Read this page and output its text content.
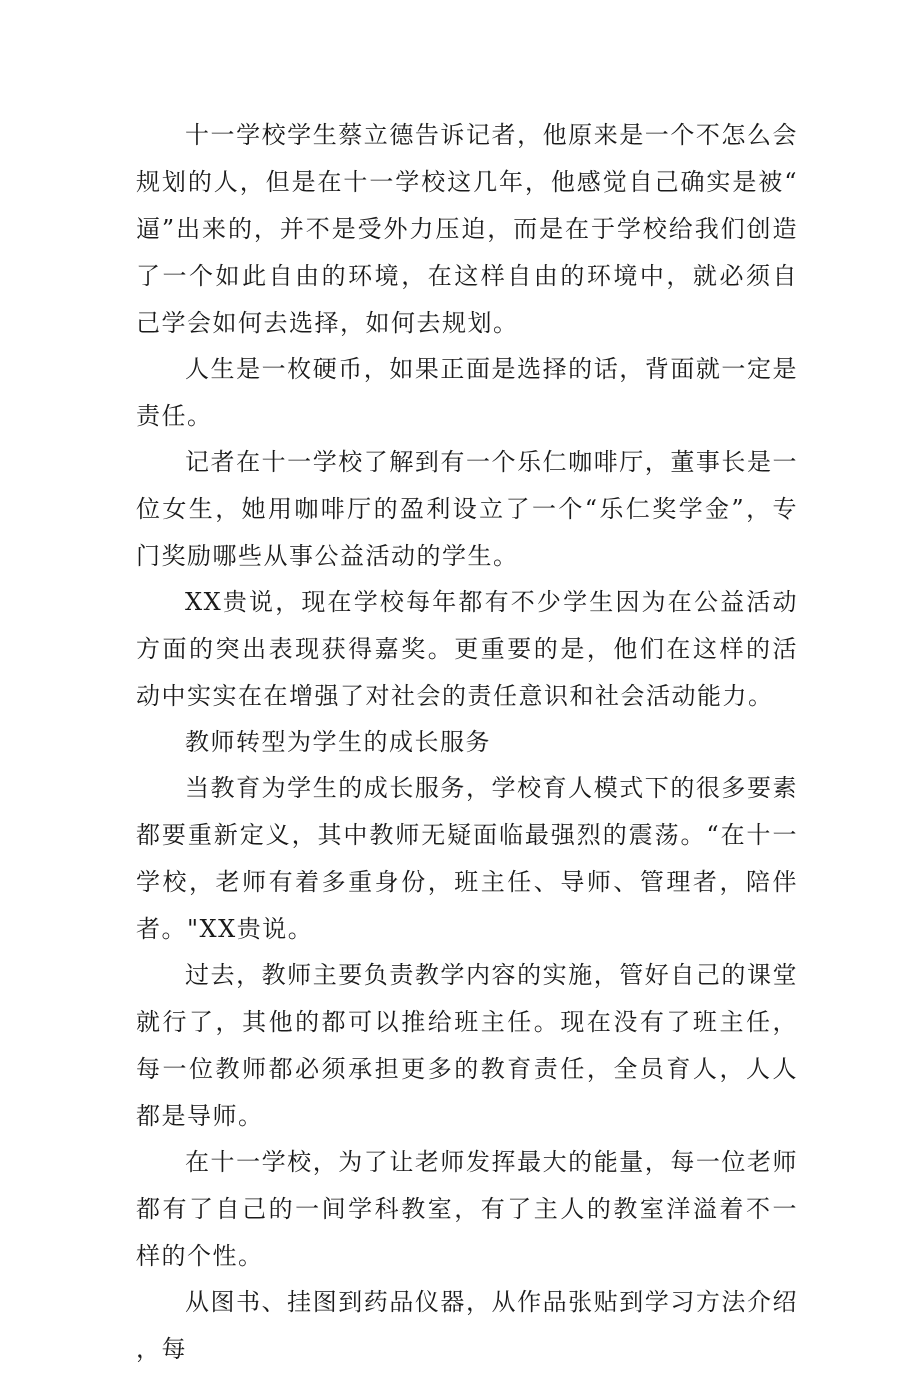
十一学校学生蔡立德告诉记者，他原来是一个不怎么会规划的人，但是在十一学校这几年，他感觉自己确实是被“逼”出来的，并不是受外力压迫，而是在于学校给我们创造了一个如此自由的环境，在这样自由的环境中，就必须自己学会如何去选择，如何去规划。

人生是一枚硬币，如果正面是选择的话，背面就一定是责任。

记者在十一学校了解到有一个乐仁咖啡厅，董事长是一位女生，她用咖啡厅的盈利设立了一个“乐仁奖学金”，专门奖励哪些从事公益活动的学生。

XX贵说，现在学校每年都有不少学生因为在公益活动方面的突出表现获得嘉奖。更重要的是，他们在这样的活动中实实在在增强了对社会的责任意识和社会活动能力。

教师转型为学生的成长服务

当教育为学生的成长服务，学校育人模式下的很多要素都要重新定义，其中教师无疑面临最强烈的震荡。“在十一学校，老师有着多重身份，班主任、导师、管理者，陪伴者。"XX贵说。

过去，教师主要负责教学内容的实施，管好自己的课堂就行了，其他的都可以推给班主任。现在没有了班主任，每一位教师都必须承担更多的教育责任，全员育人，人人都是导师。

在十一学校，为了让老师发挥最大的能量，每一位老师都有了自己的一间学科教室，有了主人的教室洋溢着不一样的个性。

从图书、挂图到药品仪器，从作品张贴到学习方法介绍，每
